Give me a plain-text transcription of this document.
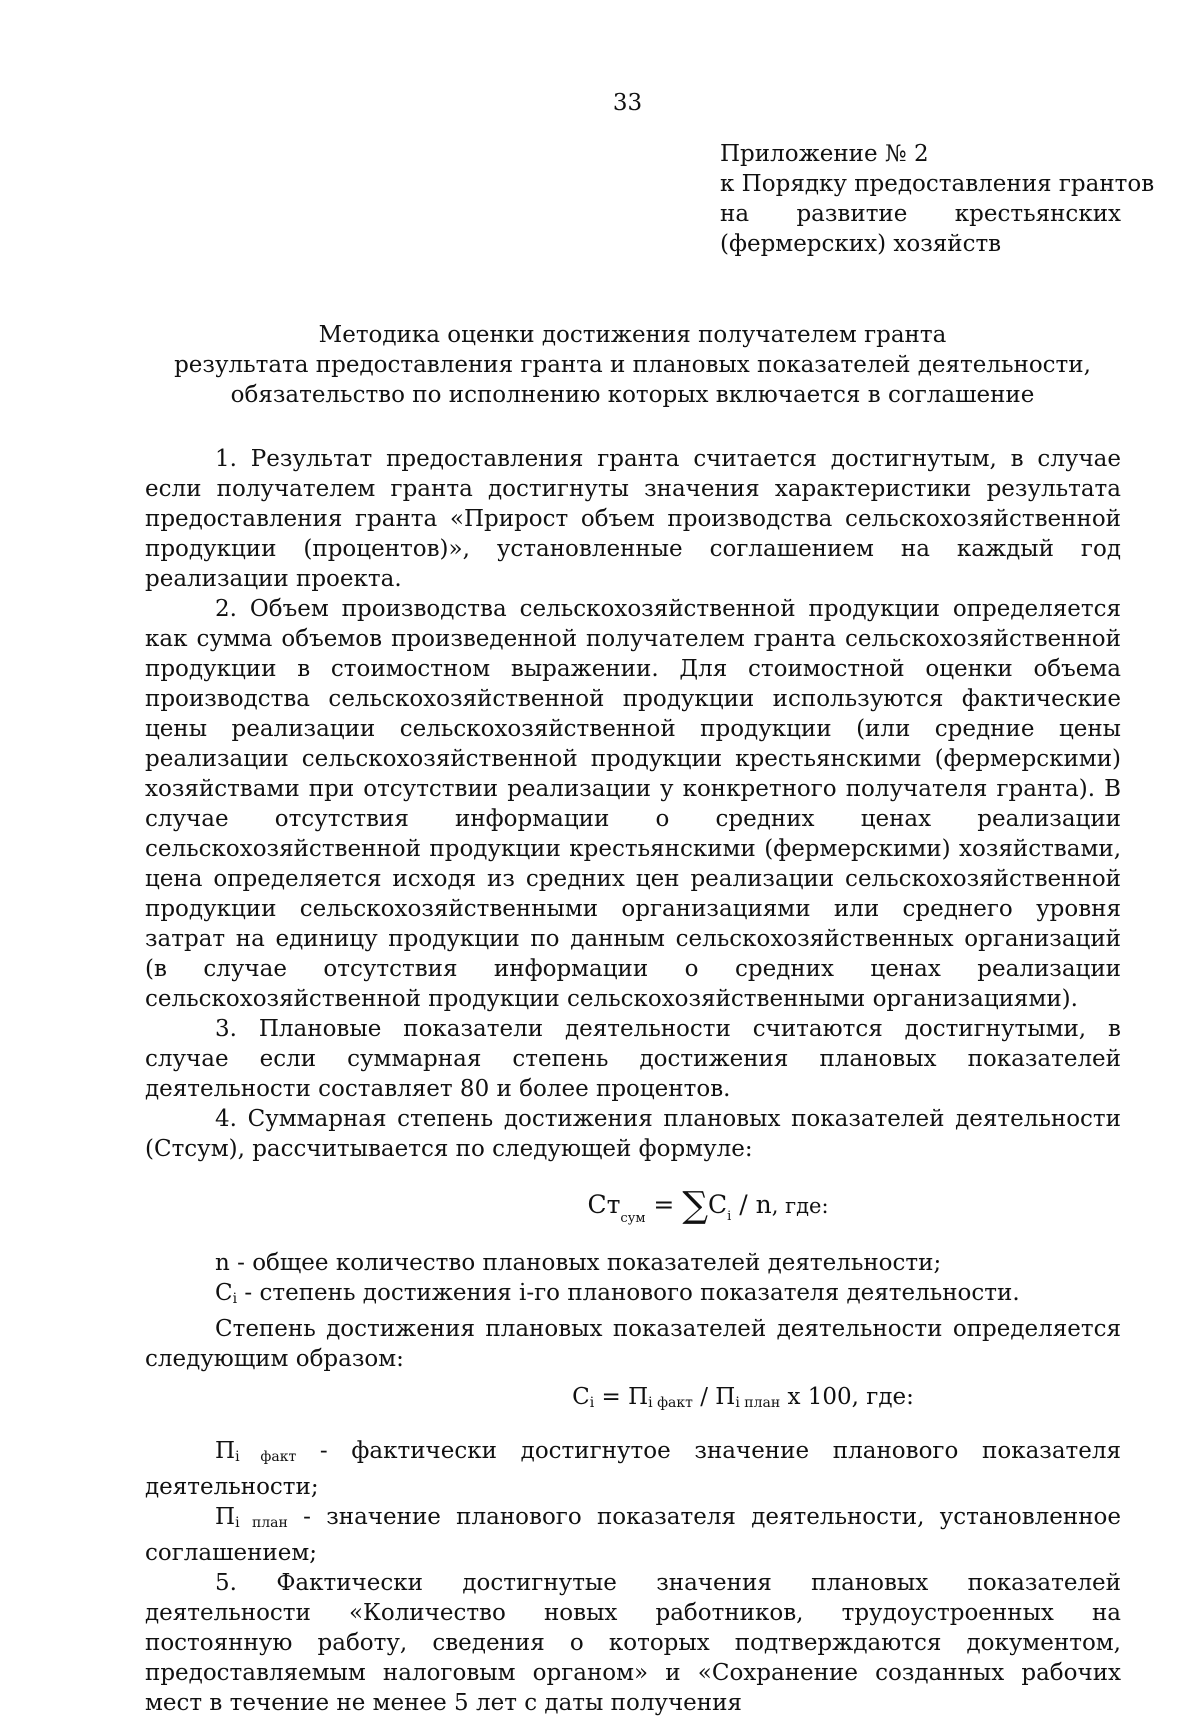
33
Приложение № 2
к Порядку предоставления грантов
на развитие крестьянских
(фермерских) хозяйств
Методика оценки достижения получателем гранта
результата предоставления гранта и плановых показателей деятельности,
обязательство по исполнению которых включается в соглашение

1. Результат предоставления гранта считается достигнутым, в случае если получателем гранта достигнуты значения характеристики результата предоставления гранта «Прирост объем производства сельскохозяйственной продукции (процентов)», установленные соглашением на каждый год реализации проекта.

2. Объем производства сельскохозяйственной продукции определяется как сумма объемов произведенной получателем гранта сельскохозяйственной продукции в стоимостном выражении. Для стоимостной оценки объема производства сельскохозяйственной продукции используются фактические цены реализации сельскохозяйственной продукции (или средние цены реализации сельскохозяйственной продукции крестьянскими (фермерскими) хозяйствами при отсутствии реализации у конкретного получателя гранта). В случае отсутствия информации о средних ценах реализации сельскохозяйственной продукции крестьянскими (фермерскими) хозяйствами, цена определяется исходя из средних цен реализации сельскохозяйственной продукции сельскохозяйственными организациями или среднего уровня затрат на единицу продукции по данным сельскохозяйственных организаций (в случае отсутствия информации о средних ценах реализации сельскохозяйственной продукции сельскохозяйственными организациями).

3. Плановые показатели деятельности считаются достигнутыми, в случае если суммарная степень достижения плановых показателей деятельности составляет 80 и более процентов.

4. Суммарная степень достижения плановых показателей деятельности (Стсум), рассчитывается по следующей формуле:

$Ст_{сум} = \sum C_i / n$, где:

n - общее количество плановых показателей деятельности;

Ci - степень достижения i-го планового показателя деятельности.

Степень достижения плановых показателей деятельности определяется следующим образом:

Ci = Пi факт / Пi план x 100, где:

Пi факт - фактически достигнутое значение планового показателя деятельности;

Пi план - значение планового показателя деятельности, установленное соглашением;

5. Фактически достигнутые значения плановых показателей деятельности «Количество новых работников, трудоустроенных на постоянную работу, сведения о которых подтверждаются документом, предоставляемым налоговым органом» и «Сохранение созданных рабочих мест в течение не менее 5 лет с даты получения
